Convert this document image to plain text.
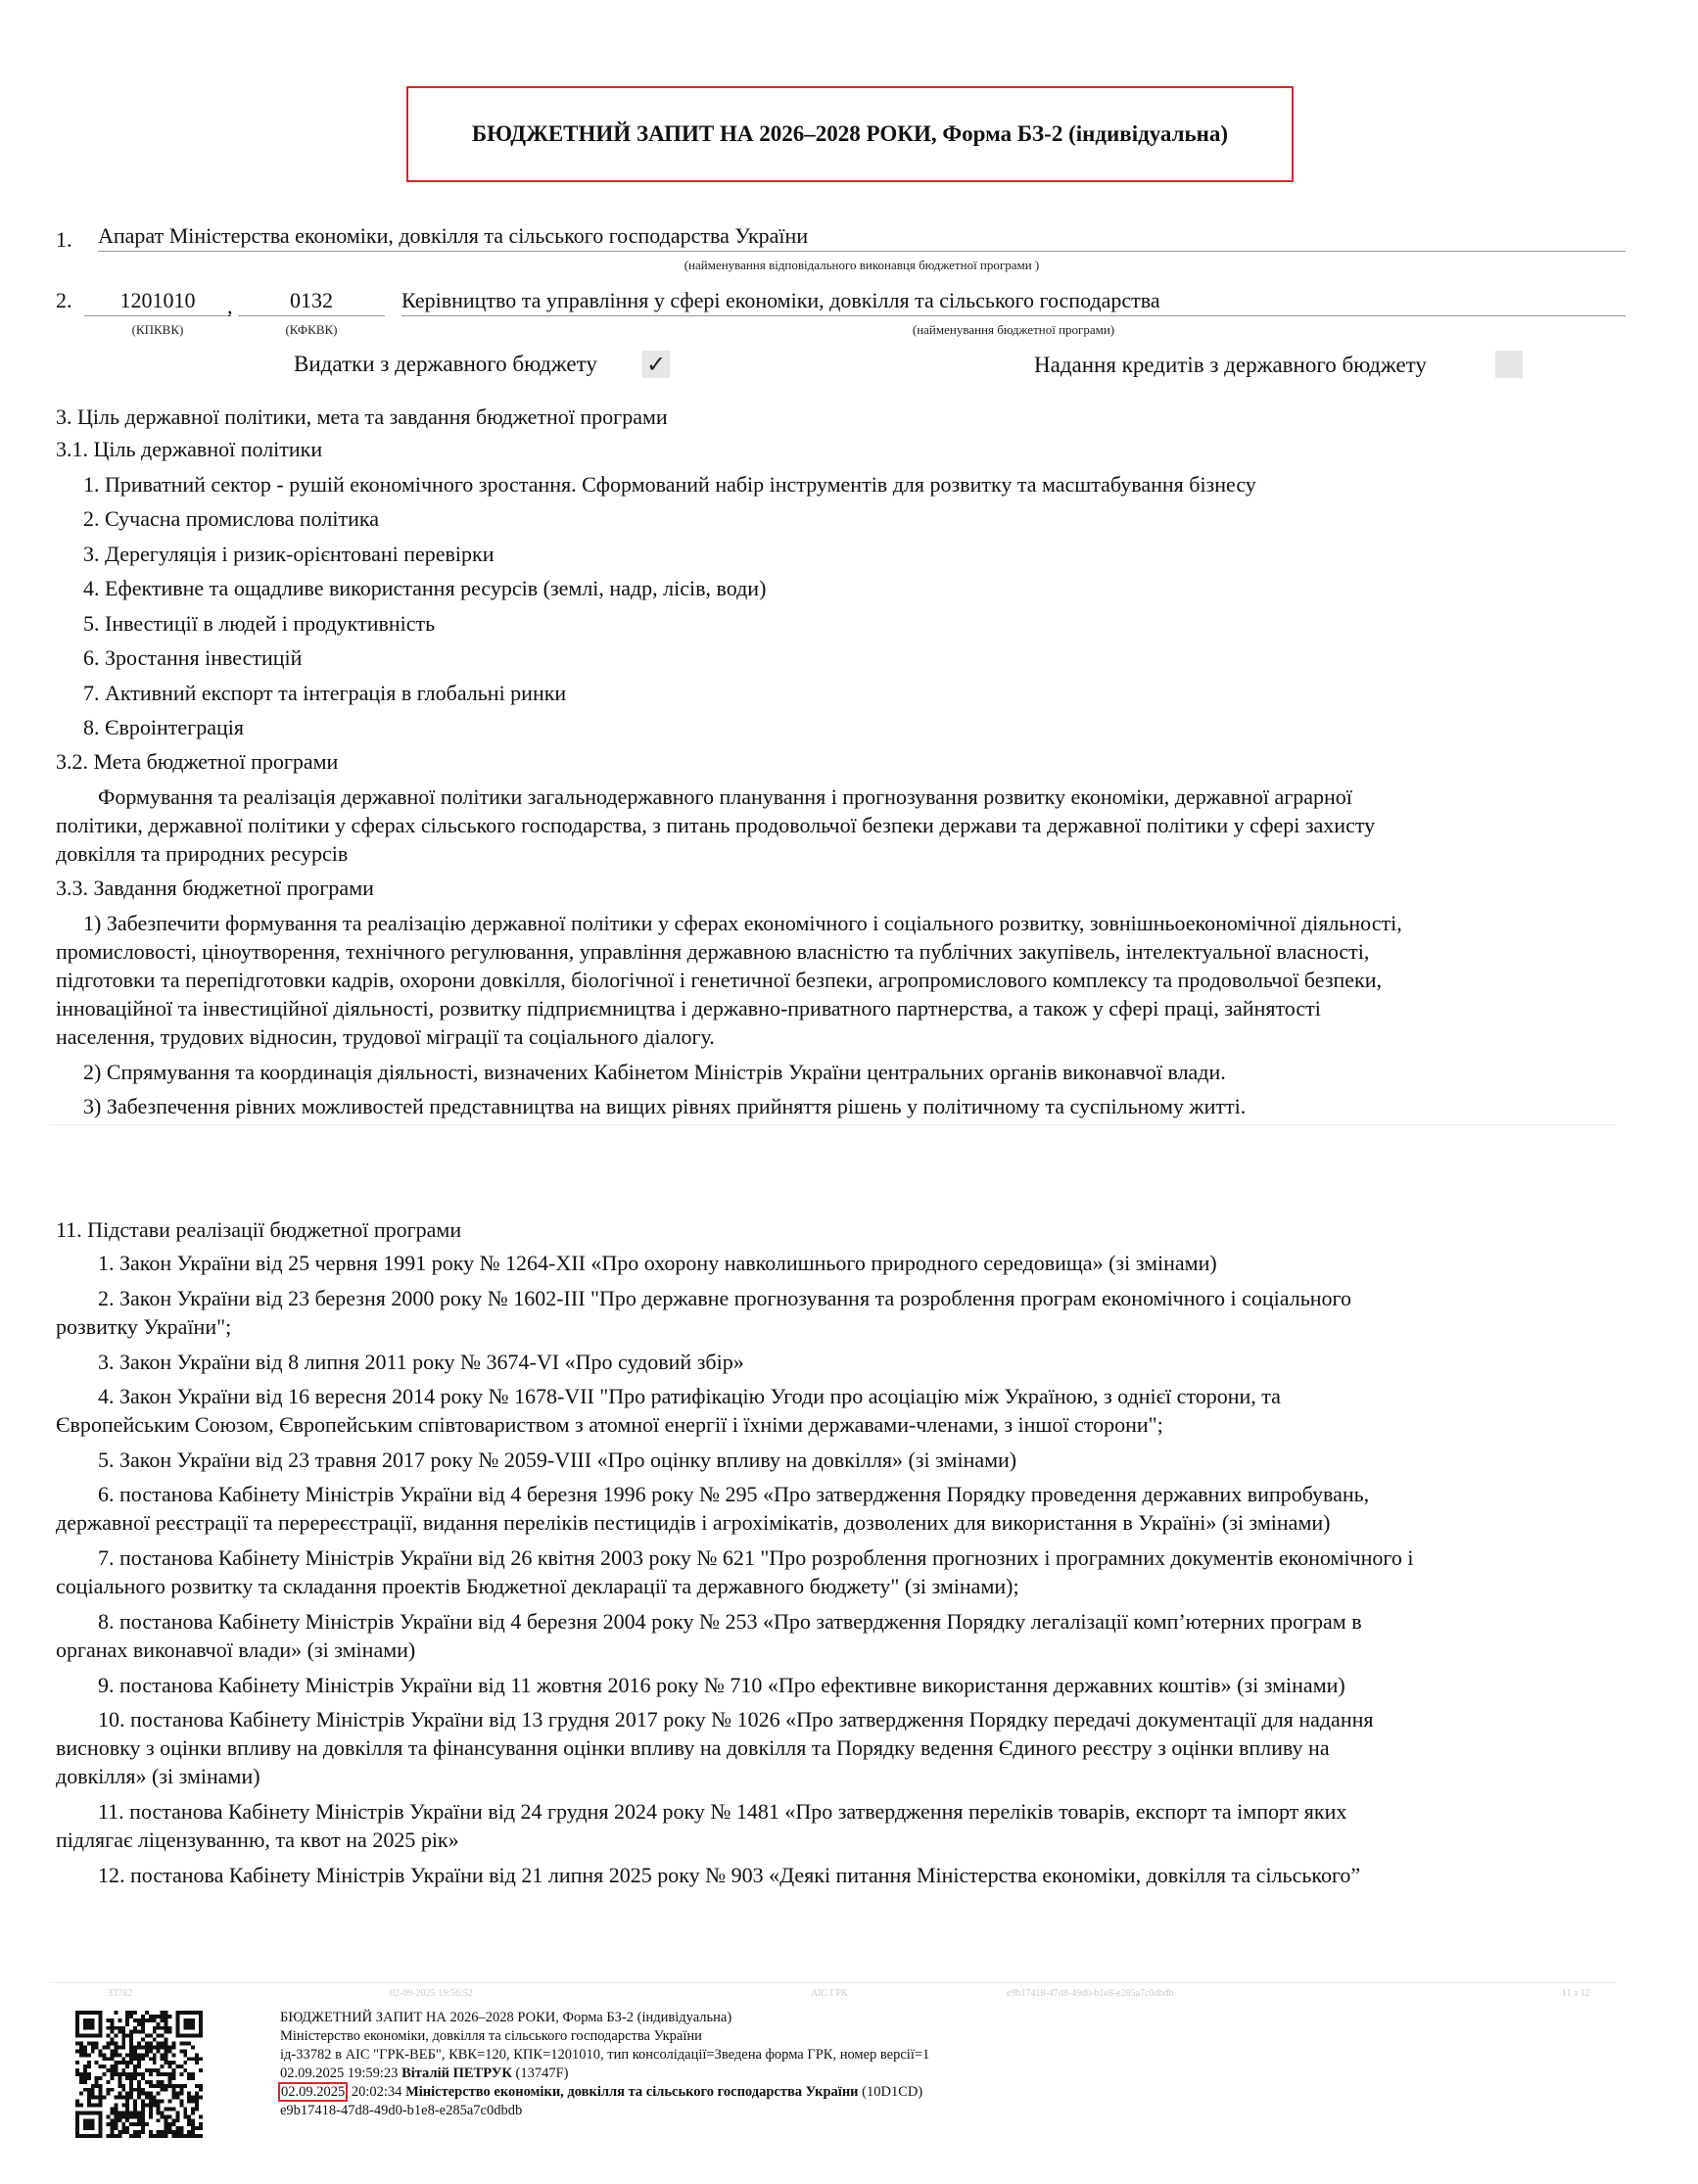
БЮДЖЕТНИЙ ЗАПИТ НА 2026–2028 РОКИ, Форма БЗ-2 (індивідуальна)
1. Апарат Міністерства економіки, довкілля та сільського господарства України
(найменування відповідального виконавця бюджетної програми )
2.	1201010	,	0132	Керівництво та управління у сфері економіки, довкілля та сільського господарства
(КПКВК)	(КФКВК)	(найменування бюджетної програми)
Видатки з державного бюджету ✓	Надання кредитів з державного бюджету
3. Ціль державної політики, мета та завдання бюджетної програми
3.1. Ціль державної політики
1. Приватний сектор - рушій економічного зростання. Сформований набір інструментів для розвитку та масштабування бізнесу
2. Сучасна промислова політика
3. Дерегуляція і ризик-орієнтовані перевірки
4. Ефективне та ощадливе використання ресурсів (землі, надр, лісів, води)
5. Інвестиції в людей і продуктивність
6. Зростання інвестицій
7. Активний експорт та інтеграція в глобальні ринки
8. Євроінтеграція
3.2. Мета бюджетної програми
Формування та реалізація державної політики загальнодержавного планування і прогнозування розвитку економіки, державної аграрної
політики, державної політики у сферах сільського господарства, з питань продовольчої безпеки держави та державної політики у сфері захисту
довкілля та природних ресурсів
3.3. Завдання бюджетної програми
1) Забезпечити формування та реалізацію державної політики у сферах економічного і соціального розвитку, зовнішньоекономічної діяльності,
промисловості, ціноутворення, технічного регулювання, управління державною власністю та публічних закупівель, інтелектуальної власності,
підготовки та перепідготовки кадрів, охорони довкілля, біологічної і генетичної безпеки, агропромислового комплексу та продовольчої безпеки,
інноваційної та інвестиційної діяльності, розвитку підприємництва і державно-приватного партнерства, а також у сфері праці, зайнятості
населення, трудових відносин, трудової міграції та соціального діалогу.
2) Спрямування та координація діяльності, визначених Кабінетом Міністрів України центральних органів виконавчої влади.
3) Забезпечення рівних можливостей представництва на вищих рівнях прийняття рішень у політичному та суспільному житті.
11. Підстави реалізації бюджетної програми
1. Закон України від 25 червня 1991 року № 1264-XII «Про охорону навколишнього природного середовища» (зі змінами)
2. Закон України від 23 березня 2000 року № 1602-III "Про державне прогнозування та розроблення програм економічного і соціального
розвитку України";
3. Закон України від 8 липня 2011 року № 3674-VI «Про судовий збір»
4. Закон України від 16 вересня 2014 року № 1678-VII "Про ратифікацію Угоди про асоціацію між Україною, з однієї сторони, та
Європейським Союзом, Європейським співтовариством з атомної енергії і їхніми державами-членами, з іншої сторони";
5. Закон України від 23 травня 2017 року № 2059-VIII «Про оцінку впливу на довкілля» (зі змінами)
6. постанова Кабінету Міністрів України від 4 березня 1996 року № 295 «Про затвердження Порядку проведення державних випробувань,
державної реєстрації та перереєстрації, видання переліків пестицидів і агрохімікатів, дозволених для використання в Україні» (зі змінами)
7. постанова Кабінету Міністрів України від 26 квітня 2003 року № 621 "Про розроблення прогнозних і програмних документів економічного і
соціального розвитку та складання проектів Бюджетної декларації та державного бюджету" (зі змінами);
8. постанова Кабінету Міністрів України від 4 березня 2004 року № 253 «Про затвердження Порядку легалізації комп’ютерних програм в
органах виконавчої влади» (зі змінами)
9. постанова Кабінету Міністрів України від 11 жовтня 2016 року № 710 «Про ефективне використання державних коштів» (зі змінами)
10. постанова Кабінету Міністрів України від 13 грудня 2017 року № 1026 «Про затвердження Порядку передачі документації для надання
висновку з оцінки впливу на довкілля та фінансування оцінки впливу на довкілля та Порядку ведення Єдиного реєстру з оцінки впливу на
довкілля» (зі змінами)
11. постанова Кабінету Міністрів України від 24 грудня 2024 року № 1481 «Про затвердження переліків товарів, експорт та імпорт яких
підлягає ліцензуванню, та квот на 2025 рік»
12. постанова Кабінету Міністрів України від 21 липня 2025 року № 903 «Деякі питання Міністерства економіки, довкілля та сільського”
33782	02-09-2025 19:56:52	АІС ГРК	e9b17418-47d8-49d0-b1e8-e285a7c0dbdb	11 з 12
БЮДЖЕТНИЙ ЗАПИТ НА 2026–2028 РОКИ, Форма БЗ-2 (індивідуальна)
Міністерство економіки, довкілля та сільського господарства України
ід-33782 в АІС "ГРК-ВЕБ", КВК=120, КПК=1201010, тип консолідації=Зведена форма ГРК, номер версії=1
02.09.2025 19:59:23 Віталій ПЕТРУК (13747F)
02.09.2025 20:02:34 Міністерство економіки, довкілля та сільського господарства України (10D1CD)
e9b17418-47d8-49d0-b1e8-e285a7c0dbdb
